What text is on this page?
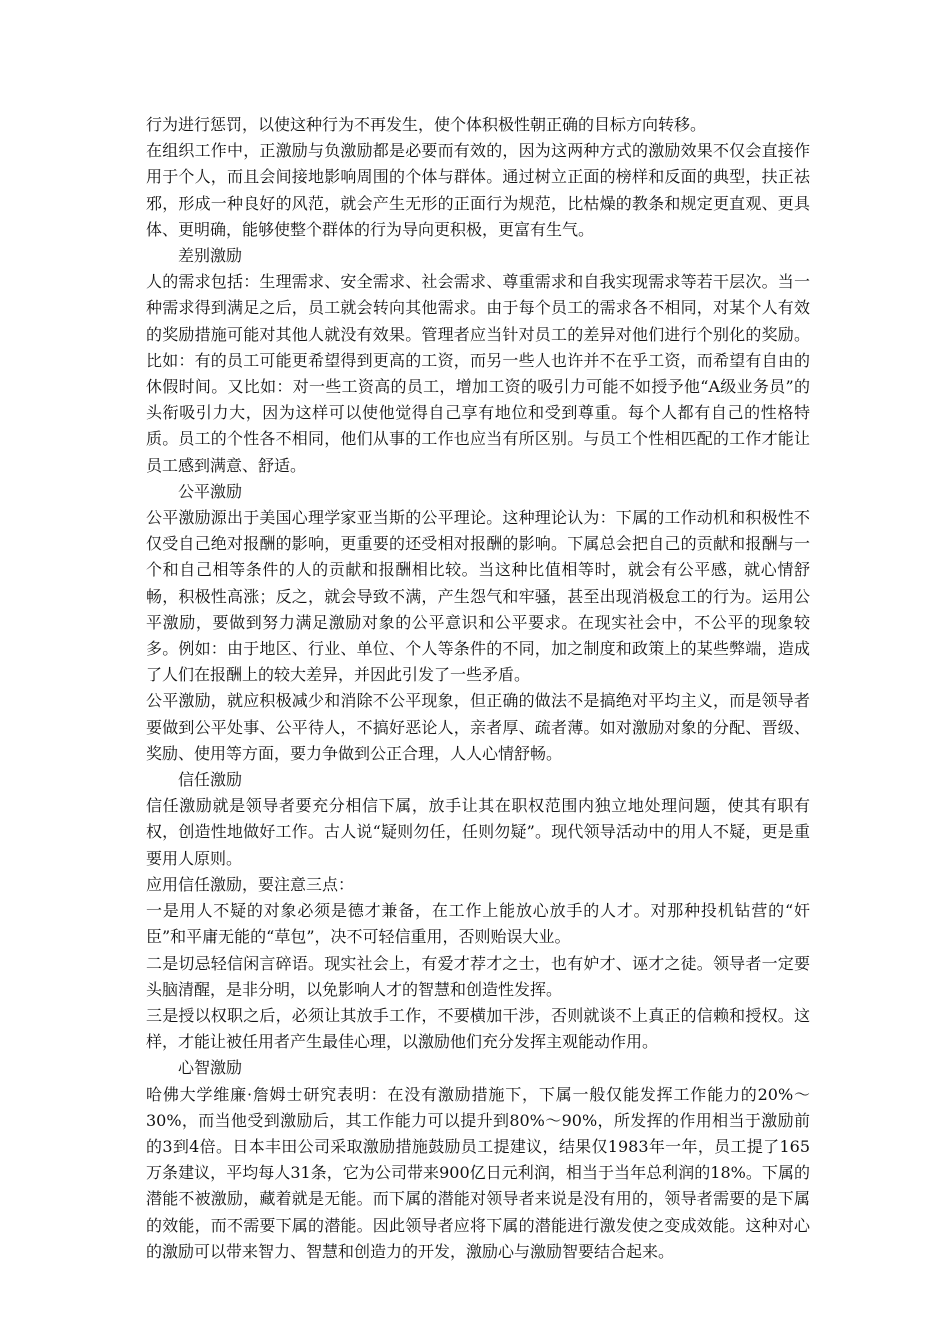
行为进行惩罚，以使这种行为不再发生，使个体积极性朝正确的目标方向转移。

在组织工作中，正激励与负激励都是必要而有效的，因为这两种方式的激励效果不仅会直接作用于个人，而且会间接地影响周围的个体与群体。通过树立正面的榜样和反面的典型，扶正祛邪，形成一种良好的风范，就会产生无形的正面行为规范，比枯燥的教条和规定更直观、更具体、更明确，能够使整个群体的行为导向更积极，更富有生气。

差别激励

人的需求包括：生理需求、安全需求、社会需求、尊重需求和自我实现需求等若干层次。当一种需求得到满足之后，员工就会转向其他需求。由于每个员工的需求各不相同，对某个人有效的奖励措施可能对其他人就没有效果。管理者应当针对员工的差异对他们进行个别化的奖励。比如：有的员工可能更希望得到更高的工资，而另一些人也许并不在乎工资，而希望有自由的休假时间。又比如：对一些工资高的员工，增加工资的吸引力可能不如授予他“A级业务员”的头衔吸引力大，因为这样可以使他觉得自己享有地位和受到尊重。每个人都有自己的性格特质。员工的个性各不相同，他们从事的工作也应当有所区别。与员工个性相匹配的工作才能让员工感到满意、舒适。

公平激励

公平激励源出于美国心理学家亚当斯的公平理论。这种理论认为：下属的工作动机和积极性不仅受自己绝对报酬的影响，更重要的还受相对报酬的影响。下属总会把自己的贡献和报酬与一个和自己相等条件的人的贡献和报酬相比较。当这种比值相等时，就会有公平感，就心情舒畅，积极性高涨；反之，就会导致不满，产生怨气和牢骚，甚至出现消极怠工的行为。运用公平激励，要做到努力满足激励对象的公平意识和公平要求。在现实社会中，不公平的现象较多。例如：由于地区、行业、单位、个人等条件的不同，加之制度和政策上的某些弊端，造成了人们在报酬上的较大差异，并因此引发了一些矛盾。

公平激励，就应积极减少和消除不公平现象，但正确的做法不是搞绝对平均主义，而是领导者要做到公平处事、公平待人，不搞好恶论人，亲者厚、疏者薄。如对激励对象的分配、晋级、奖励、使用等方面，要力争做到公正合理，人人心情舒畅。

信任激励

信任激励就是领导者要充分相信下属，放手让其在职权范围内独立地处理问题，使其有职有权，创造性地做好工作。古人说“疑则勿任，任则勿疑”。现代领导活动中的用人不疑，更是重要用人原则。

应用信任激励，要注意三点：

一是用人不疑的对象必须是德才兼备，在工作上能放心放手的人才。对那种投机钻营的“奸臣”和平庸无能的“草包”，决不可轻信重用，否则贻误大业。

二是切忌轻信闲言碎语。现实社会上，有爱才荐才之士，也有妒才、诬才之徒。领导者一定要头脑清醒，是非分明，以免影响人才的智慧和创造性发挥。

三是授以权职之后，必须让其放手工作，不要横加干涉，否则就谈不上真正的信赖和授权。这样，才能让被任用者产生最佳心理，以激励他们充分发挥主观能动作用。

心智激励

哈佛大学维廉·詹姆士研究表明：在没有激励措施下，下属一般仅能发挥工作能力的20%～30%，而当他受到激励后，其工作能力可以提升到80%～90%，所发挥的作用相当于激励前的3到4倍。日本丰田公司采取激励措施鼓励员工提建议，结果仅1983年一年，员工提了165万条建议，平均每人31条，它为公司带来900亿日元利润，相当于当年总利润的18%。下属的潜能不被激励，藏着就是无能。而下属的潜能对领导者来说是没有用的，领导者需要的是下属的效能，而不需要下属的潜能。因此领导者应将下属的潜能进行激发使之变成效能。这种对心的激励可以带来智力、智慧和创造力的开发，激励心与激励智要结合起来。
